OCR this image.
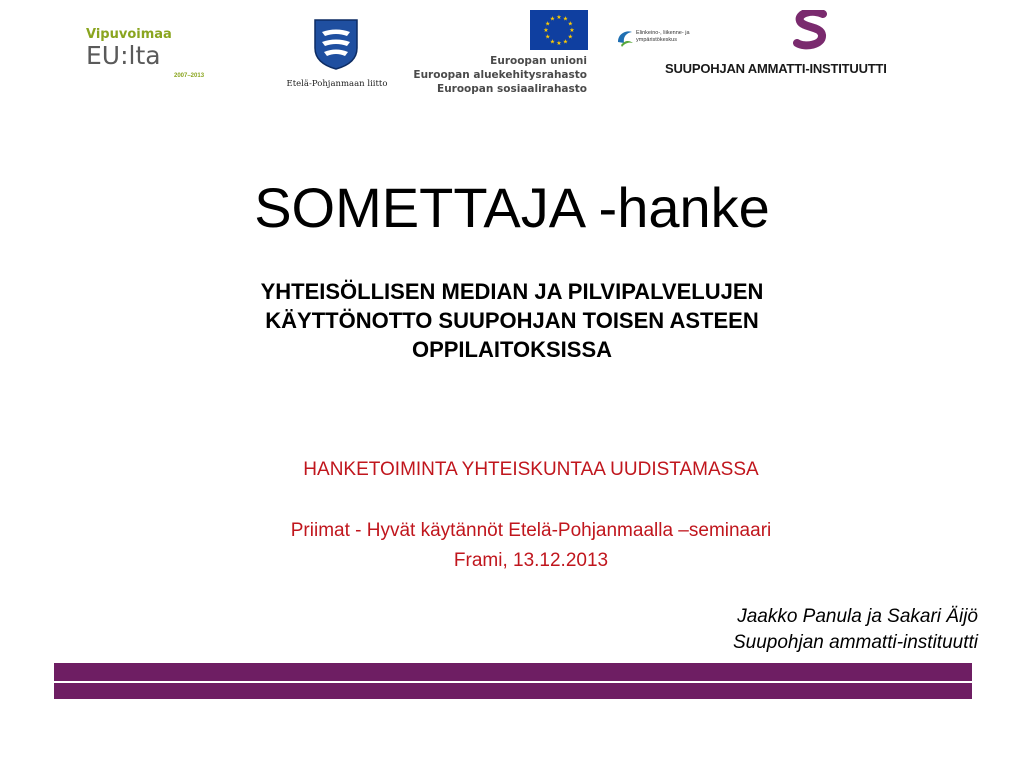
Vipuvoimaa
EU:lta
2007–2013
Etelä-Pohjanmaan liitto
★ ★
★
★
★
★
★
★
★
★
★
★
Euroopan unioni
Euroopan aluekehitysrahasto
Euroopan sosiaalirahasto
Elinkeino-, liikenne- ja
ympäristökeskus
SUUPOHJAN AMMATTI-INSTITUUTTI
SOMETTAJA -hanke
YHTEISÖLLISEN MEDIAN JA PILVIPALVELUJEN
KÄYTTÖNOTTO SUUPOHJAN TOISEN ASTEEN
OPPILAITOKSISSA
HANKETOIMINTA YHTEISKUNTAA UUDISTAMASSA
Priimat - Hyvät käytännöt Etelä-Pohjanmaalla –seminaari
Frami, 13.12.2013
Jaakko Panula ja Sakari Äijö
Suupohjan ammatti-instituutti
